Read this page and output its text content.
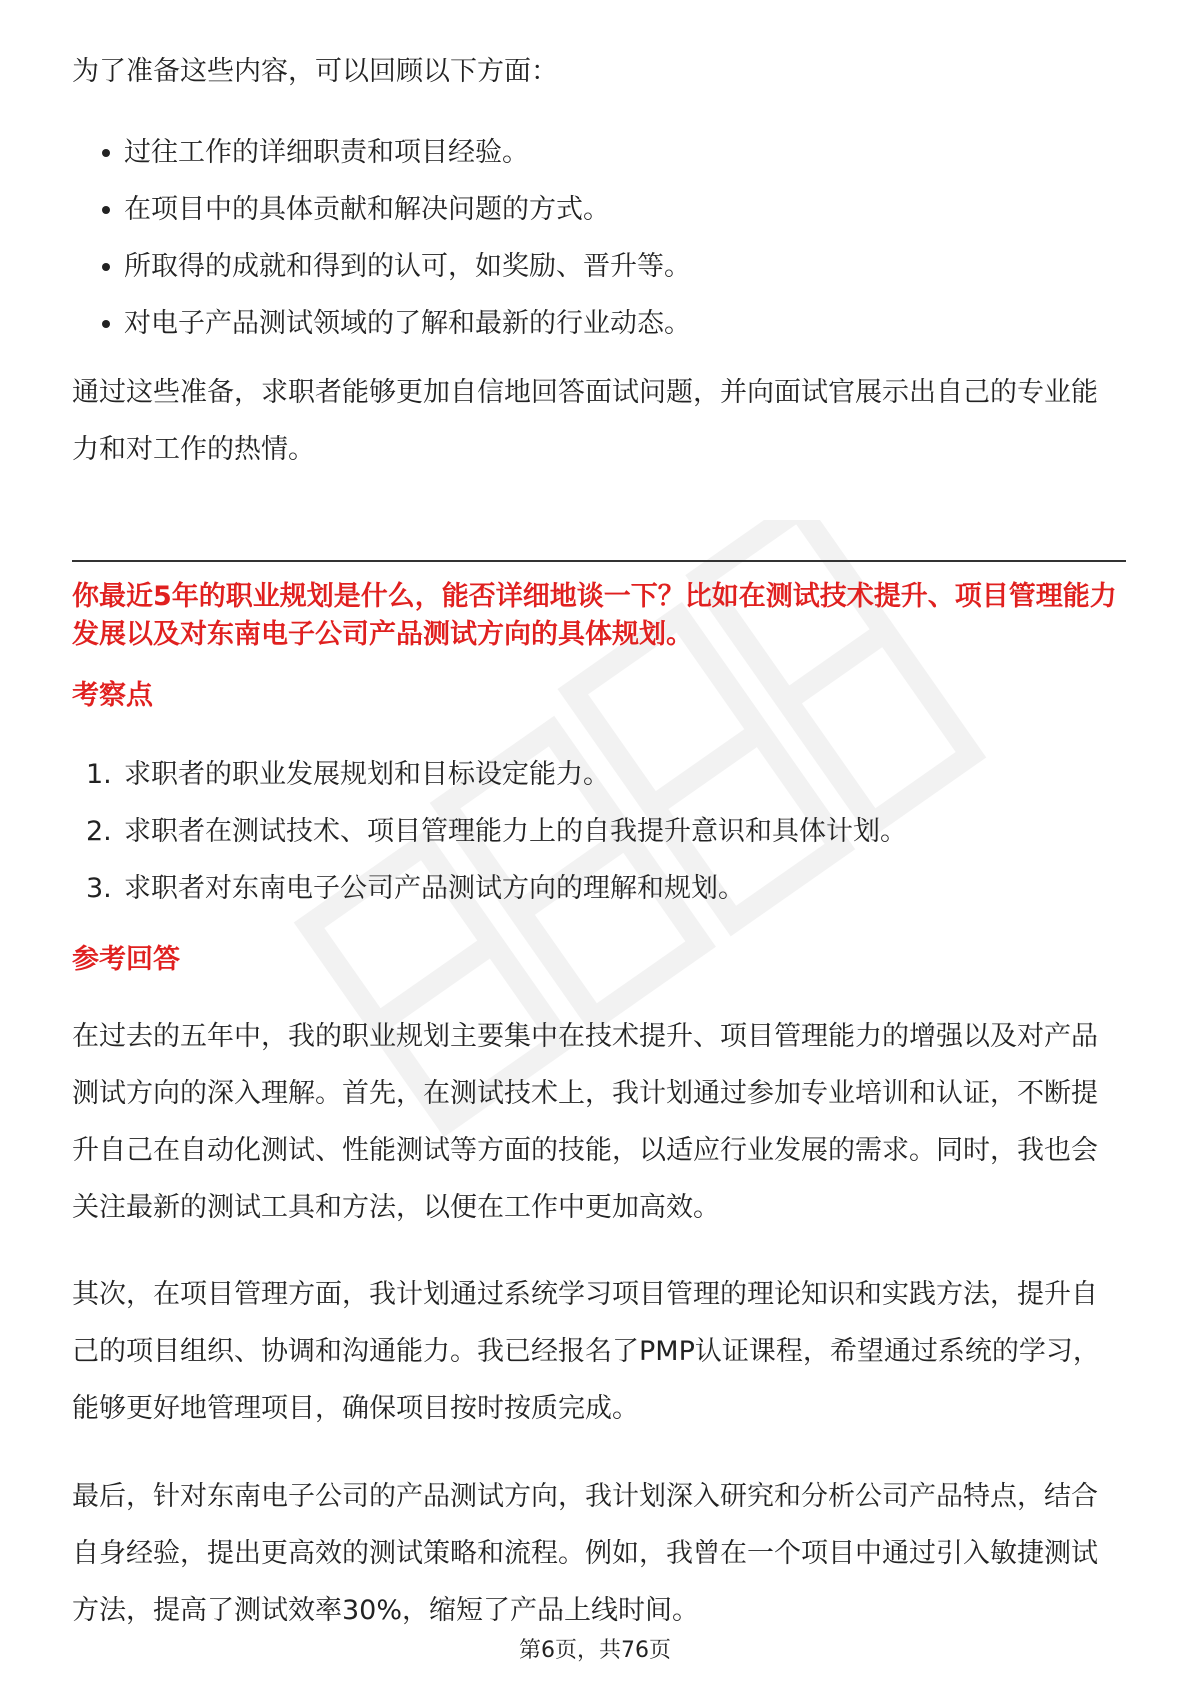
为了准备这些内容，可以回顾以下方面：

过往工作的详细职责和项目经验。
在项目中的具体贡献和解决问题的方式。
所取得的成就和得到的认可，如奖励、晋升等。
对电子产品测试领域的了解和最新的行业动态。

通过这些准备，求职者能够更加自信地回答面试问题，并向面试官展示出自己的专业能力和对工作的热情。

你最近5年的职业规划是什么，能否详细地谈一下？比如在测试技术提升、项目管理能力发展以及对东南电子公司产品测试方向的具体规划。

考察点

1. 求职者的职业发展规划和目标设定能力。
2. 求职者在测试技术、项目管理能力上的自我提升意识和具体计划。
3. 求职者对东南电子公司产品测试方向的理解和规划。

参考回答

在过去的五年中，我的职业规划主要集中在技术提升、项目管理能力的增强以及对产品测试方向的深入理解。首先，在测试技术上，我计划通过参加专业培训和认证，不断提升自己在自动化测试、性能测试等方面的技能，以适应行业发展的需求。同时，我也会关注最新的测试工具和方法，以便在工作中更加高效。

其次，在项目管理方面，我计划通过系统学习项目管理的理论知识和实践方法，提升自己的项目组织、协调和沟通能力。我已经报名了PMP认证课程，希望通过系统的学习，能够更好地管理项目，确保项目按时按质完成。

最后，针对东南电子公司的产品测试方向，我计划深入研究和分析公司产品特点，结合自身经验，提出更高效的测试策略和流程。例如，我曾在一个项目中通过引入敏捷测试方法，提高了测试效率30%，缩短了产品上线时间。

第6页，共76页
